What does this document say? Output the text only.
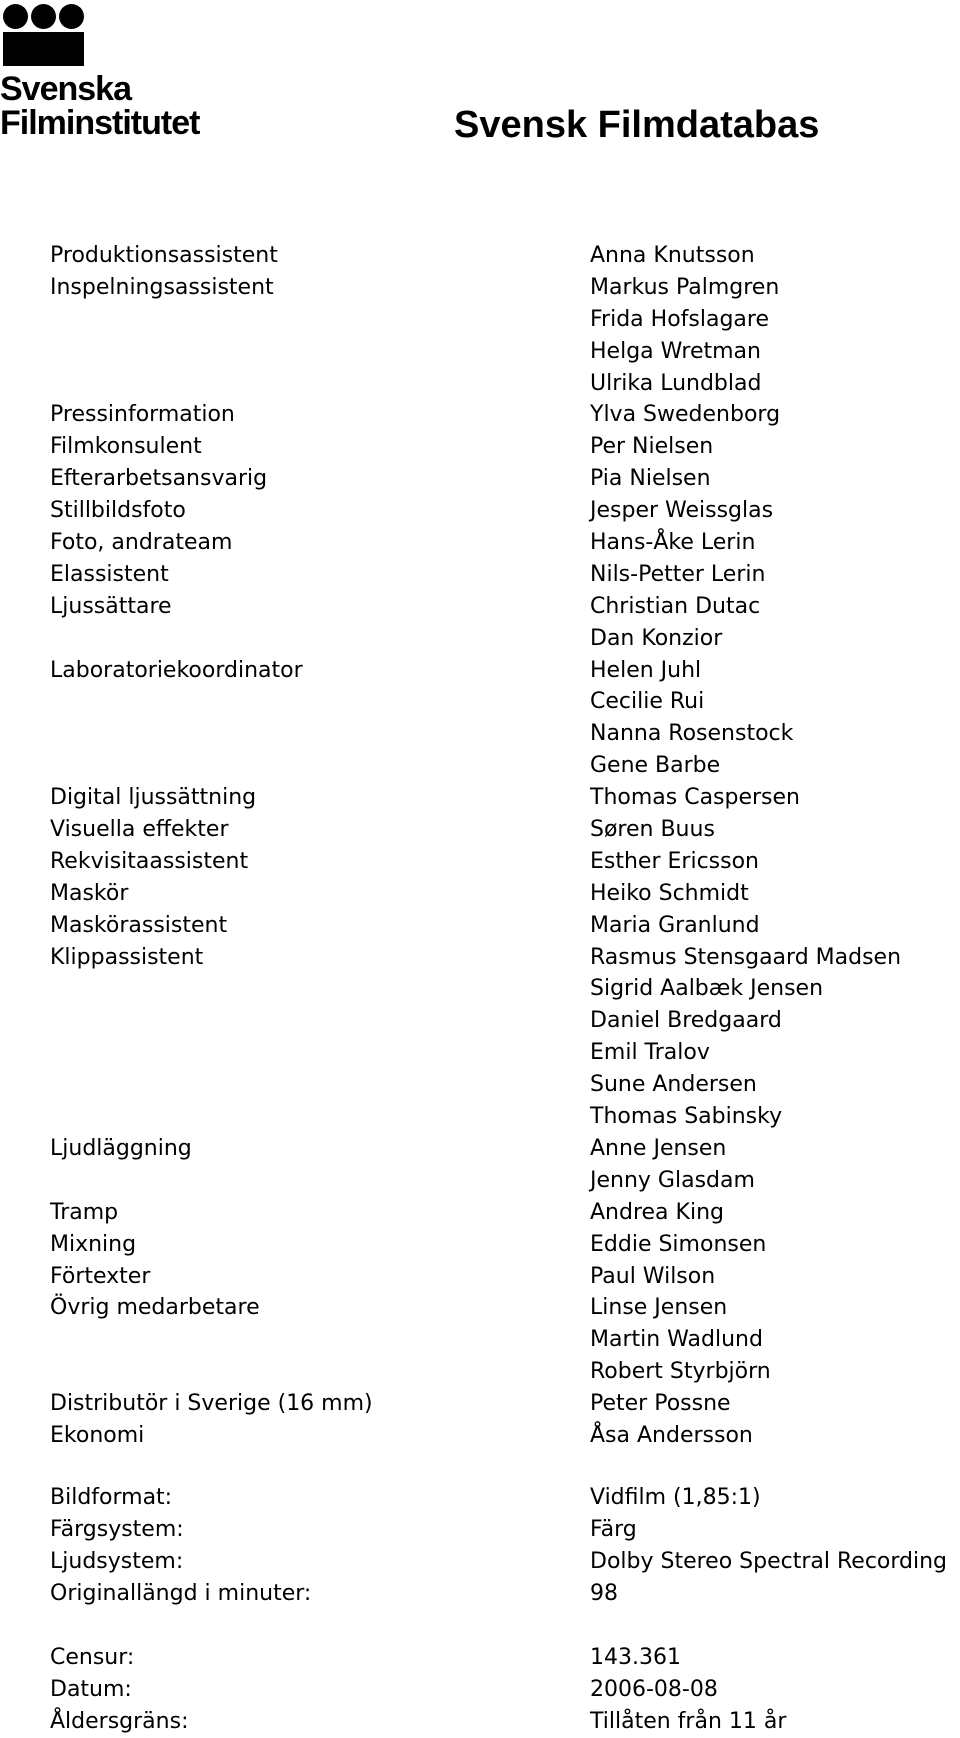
Svenska
Filminstitutet	Svensk Filmdatabas
Produktionsassistent	Anna Knutsson
Inspelningsassistent	Markus Palmgren
Frida Hofslagare
Helga Wretman
Ulrika Lundblad
Pressinformation	Ylva Swedenborg
Filmkonsulent	Per Nielsen
Efterarbetsansvarig	Pia Nielsen
Stillbildsfoto	Jesper Weissglas
Foto, andrateam	Hans-Åke Lerin
Elassistent	Nils-Petter Lerin
Ljussättare	Christian Dutac
Dan Konzior
Laboratoriekoordinator	Helen Juhl
Cecilie Rui
Nanna Rosenstock
Gene Barbe
Digital ljussättning	Thomas Caspersen
Visuella effekter	Søren Buus
Rekvisitaassistent	Esther Ericsson
Maskör	Heiko Schmidt
Maskörassistent	Maria Granlund
Klippassistent	Rasmus Stensgaard Madsen
Sigrid Aalbæk Jensen
Daniel Bredgaard
Emil Tralov
Sune Andersen
Thomas Sabinsky
Ljudläggning	Anne Jensen
Jenny Glasdam
Tramp	Andrea King
Mixning	Eddie Simonsen
Förtexter	Paul Wilson
Övrig medarbetare	Linse Jensen
Martin Wadlund
Robert Styrbjörn
Distributör i Sverige (16 mm)	Peter Possne
Ekonomi	Åsa Andersson
Bildformat:	Vidfilm (1,85:1)
Färgsystem:	Färg
Ljudsystem:	Dolby Stereo Spectral Recording
Originallängd i minuter:	98
Censur:	143.361
Datum:	2006-08-08
Åldersgräns:	Tillåten från 11 år
